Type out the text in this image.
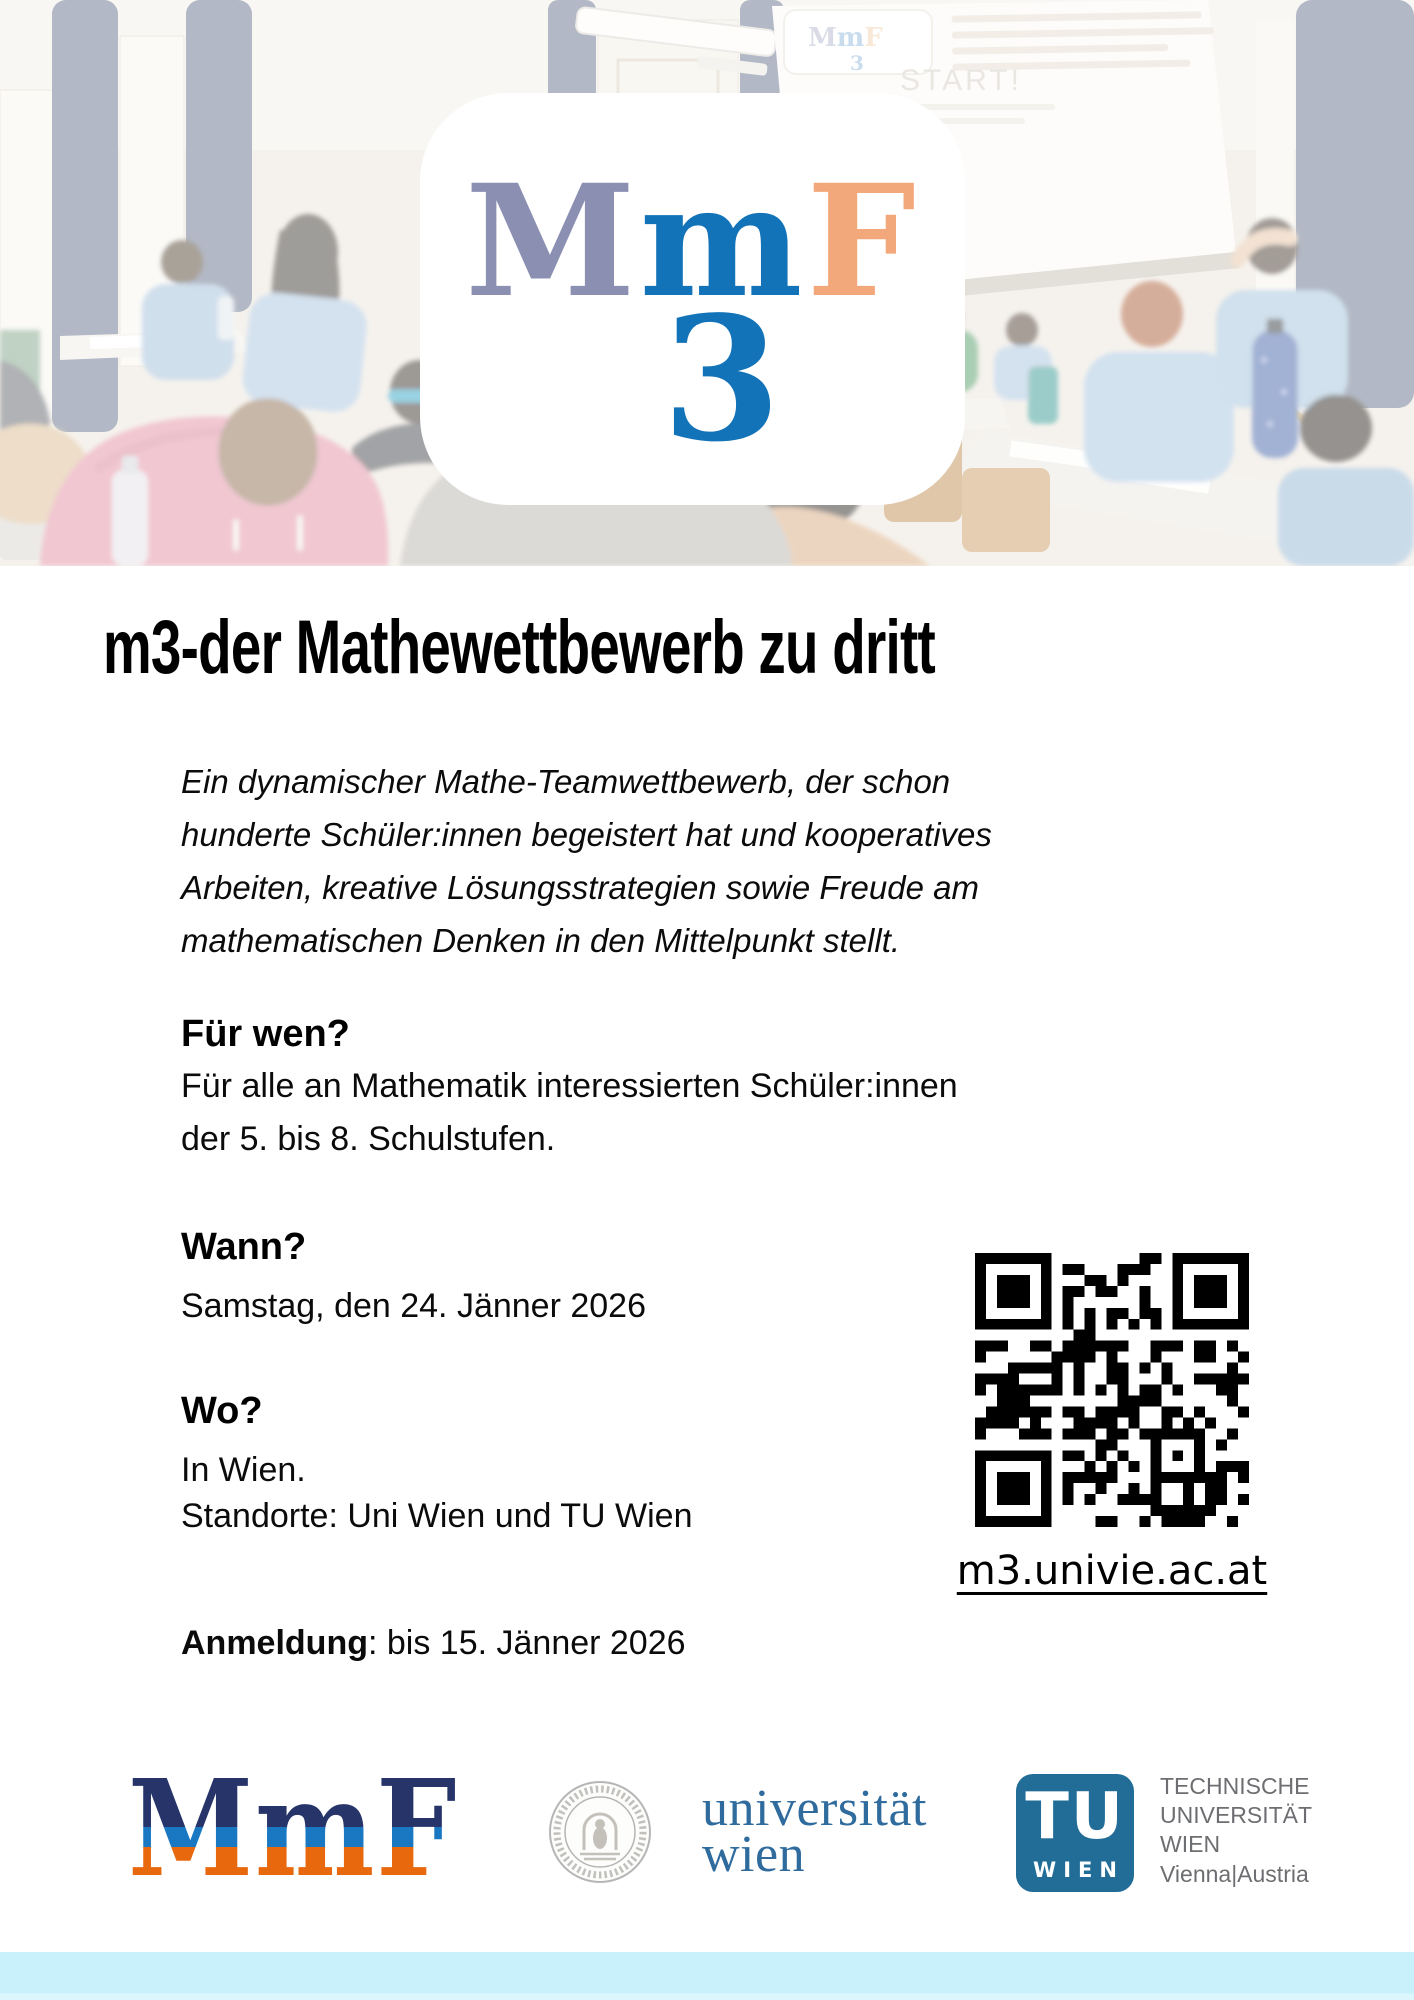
MmF
3
m3-der Mathewettbewerb zu dritt
Ein dynamischer Mathe-Teamwettbewerb, der schon
hunderte Schüler:innen begeistert hat und kooperatives
Arbeiten, kreative Lösungsstrategien sowie Freude am
mathematischen Denken in den Mittelpunkt stellt.
Für wen?
Für alle an Mathematik interessierten Schüler:innen
der 5. bis 8. Schulstufen.
Wann?
Samstag, den 24. Jänner 2026
Wo?
In Wien.
Standorte: Uni Wien und TU Wien
Anmeldung: bis 15. Jänner 2026
m3.univie.ac.at
MmF	universität
wien
TU
WIEN
TECHNISCHE
UNIVERSITÄT
WIEN
Vienna|Austria
